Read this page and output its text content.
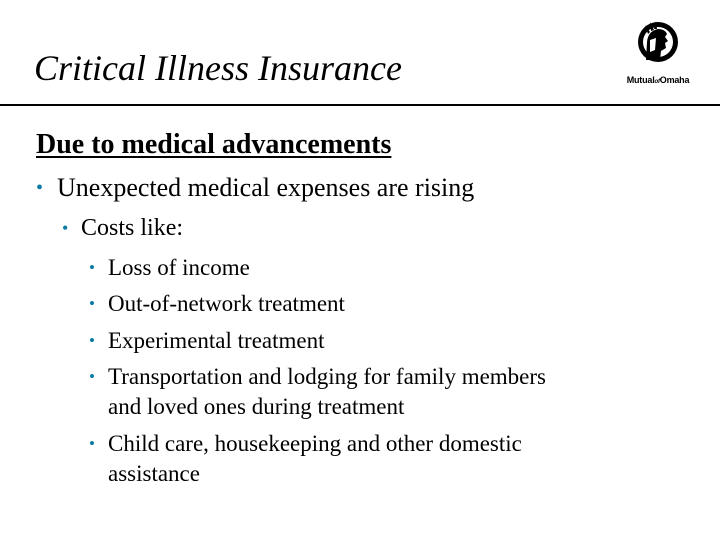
Critical Illness Insurance	MutualofOmaha
Due to medical advancements
• Unexpected medical expenses are rising
• Costs like:
• Loss of income
• Out-of-network treatment
• Experimental treatment
• Transportation and lodging for family members
and loved ones during treatment
• Child care, housekeeping and other domestic
assistance
